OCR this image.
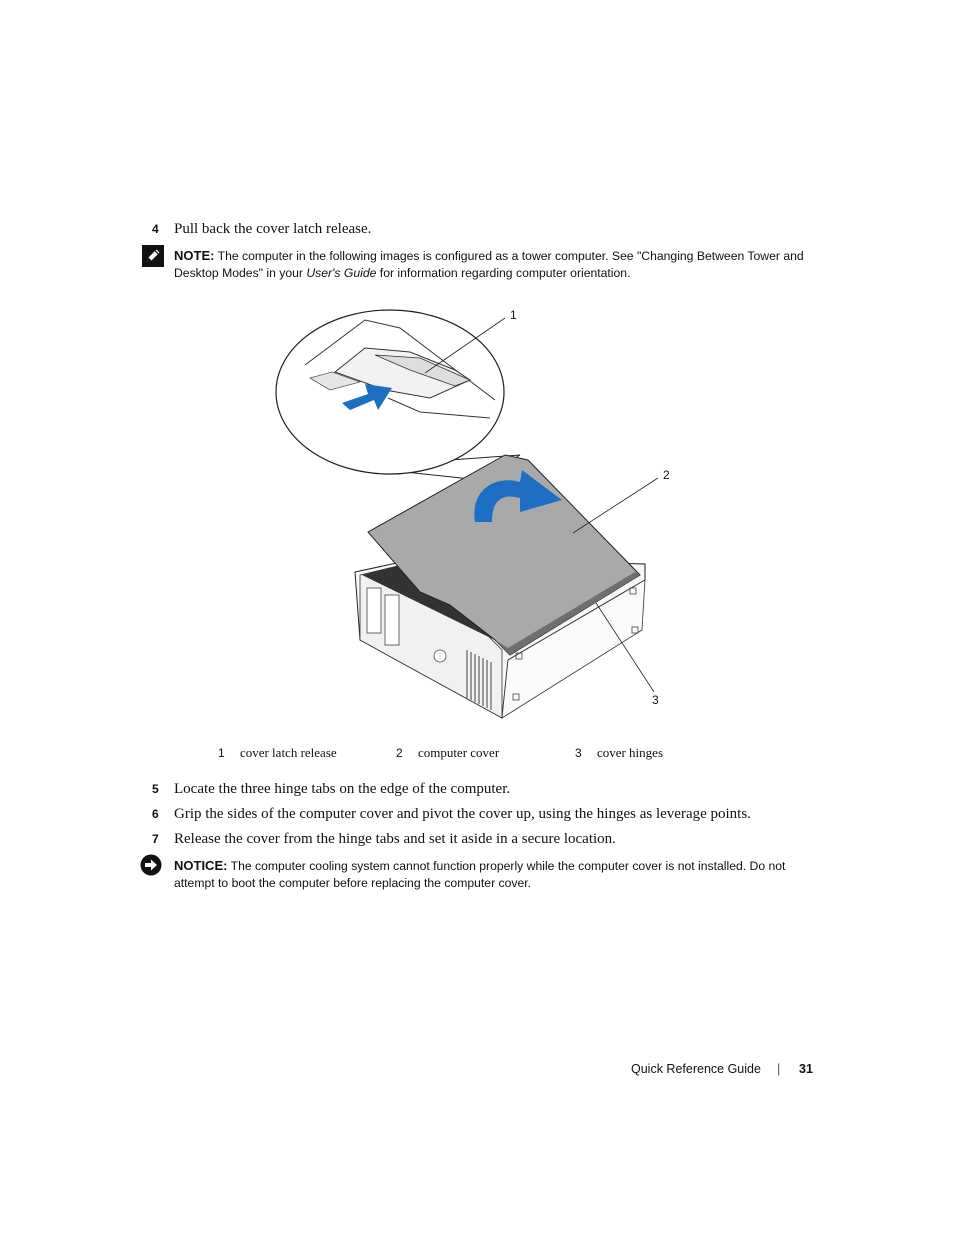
4 Pull back the cover latch release.
NOTE: The computer in the following images is configured as a tower computer. See "Changing Between Tower and Desktop Modes" in your User's Guide for information regarding computer orientation.
1
2
3
1 cover latch release	2 computer cover	3 cover hinges
5 Locate the three hinge tabs on the edge of the computer.
6 Grip the sides of the computer cover and pivot the cover up, using the hinges as leverage points.
7 Release the cover from the hinge tabs and set it aside in a secure location.
NOTICE: The computer cooling system cannot function properly while the computer cover is not installed. Do not attempt to boot the computer before replacing the computer cover.
Quick Reference Guide | 31
